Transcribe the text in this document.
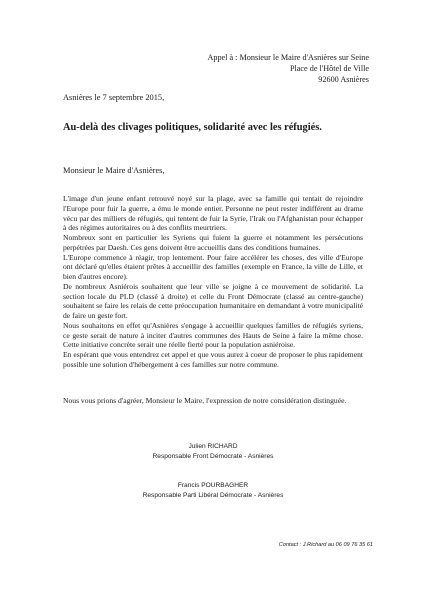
Appel à : Monsieur le Maire d'Asnières sur Seine
Place de l'Hôtel de Ville
92600 Asnières
Asnières le 7 septembre 2015,
Au-delà des clivages politiques, solidarité avec les réfugiés.
Monsieur le Maire d'Asnières,

L'image d'un jeune enfant retrouvé noyé sur la plage, avec sa famille qui tentait de rejoindre l'Europe pour fuir la guerre, a ému le monde entier. Personne ne peut rester indifférent au drame vécu par des milliers de réfugiés, qui tentent de fuir la Syrie, l'Irak ou l'Afghanistan pour échapper à des régimes autoritaires ou à des conflits meurtriers.

Nombreux sont en particulier les Syriens qui fuient la guerre et notamment les persécutions perpétrées par Daesh. Ces gens doivent être accueillis dans des conditions humaines.

L'Europe commence à réagir, trop lentement. Pour faire accélérer les choses, des ville d'Europe ont déclaré qu'elles étaient prêtes à accueillir des familles (exemple en France, la ville de Lille, et bien d'autres encore).

De nombreux Asniérois souhaitent que leur ville se joigne à ce mouvement de solidarité. La section locale du PLD (classé à droite) et celle du Front Démocrate (classé au centre-gauche) souhaitent se faire les relais de cette préoccupation humanitaire en demandant à votre municipalité de faire un geste fort.

Nous souhaitons en effet qu'Asnières s'engage à accueillir quelques familles de réfugiés syriens, ce geste serait de nature à inciter d'autres communes des Hauts de Seine à faire la même chose. Cette initiative concrète serait une réelle fierté pour la population asniéroise.

En espérant que vous entendrez cet appel et que vous aurez à coeur de proposer le plus rapidement possible une solution d'hébergement à ces familles sur notre commune.

Nous vous prions d'agréer, Monsieur le Maire, l'expression de notre considération distinguée.

Julien RICHARD
Responsable Front Démocrate - Asnières
Francis POURBAGHER
Responsable Parti Libéral Démocrate - Asnières
Contact : J.Richard au 06 09 76 35 61
